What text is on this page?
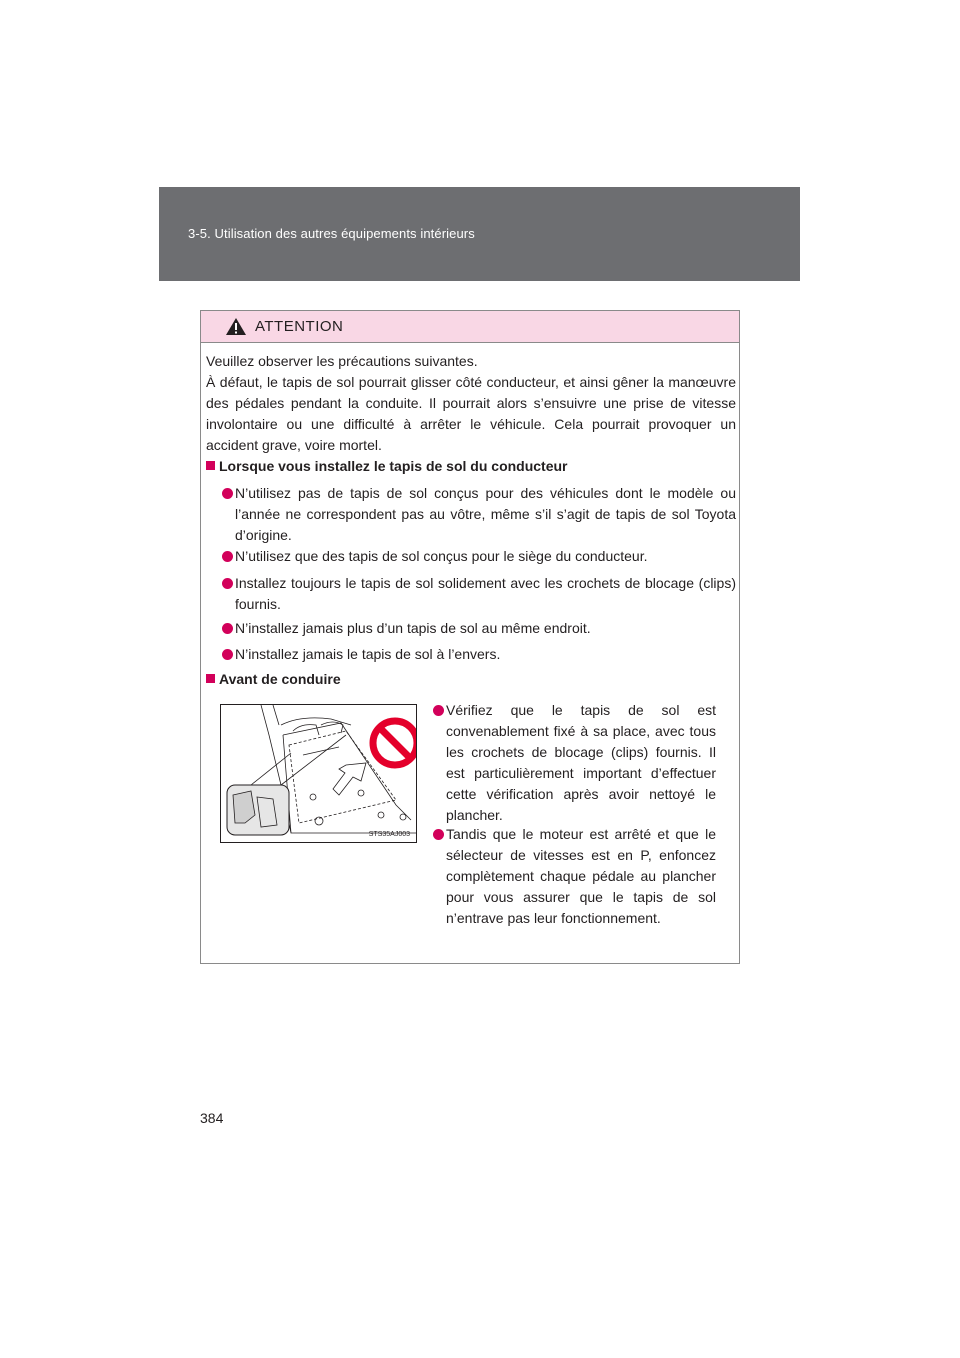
3-5. Utilisation des autres équipements intérieurs
ATTENTION

Veuillez observer les précautions suivantes.

À défaut, le tapis de sol pourrait glisser côté conducteur, et ainsi gêner la manœuvre des pédales pendant la conduite. Il pourrait alors s’ensuivre une prise de vitesse involontaire ou une difficulté à arrêter le véhicule. Cela pourrait provoquer un accident grave, voire mortel.

Lorsque vous installez le tapis de sol du conducteur
N’utilisez pas de tapis de sol conçus pour des véhicules dont le modèle ou l’année ne correspondent pas au vôtre, même s’il s’agit de tapis de sol Toyota d’origine.
N’utilisez que des tapis de sol conçus pour le siège du conducteur.
Installez toujours le tapis de sol solidement avec les crochets de blocage (clips) fournis.
N’installez jamais plus d’un tapis de sol au même endroit.
N’installez jamais le tapis de sol à l’envers.
Avant de conduire
STS35AJ003
Vérifiez que le tapis de sol est convenablement fixé à sa place, avec tous les crochets de blocage (clips) fournis. Il est particulièrement important d’effectuer cette vérification après avoir nettoyé le plancher.
Tandis que le moteur est arrêté et que le sélecteur de vitesses est en P, enfoncez complètement chaque pédale au plancher pour vous assurer que le tapis de sol n’entrave pas leur fonctionnement.
384
